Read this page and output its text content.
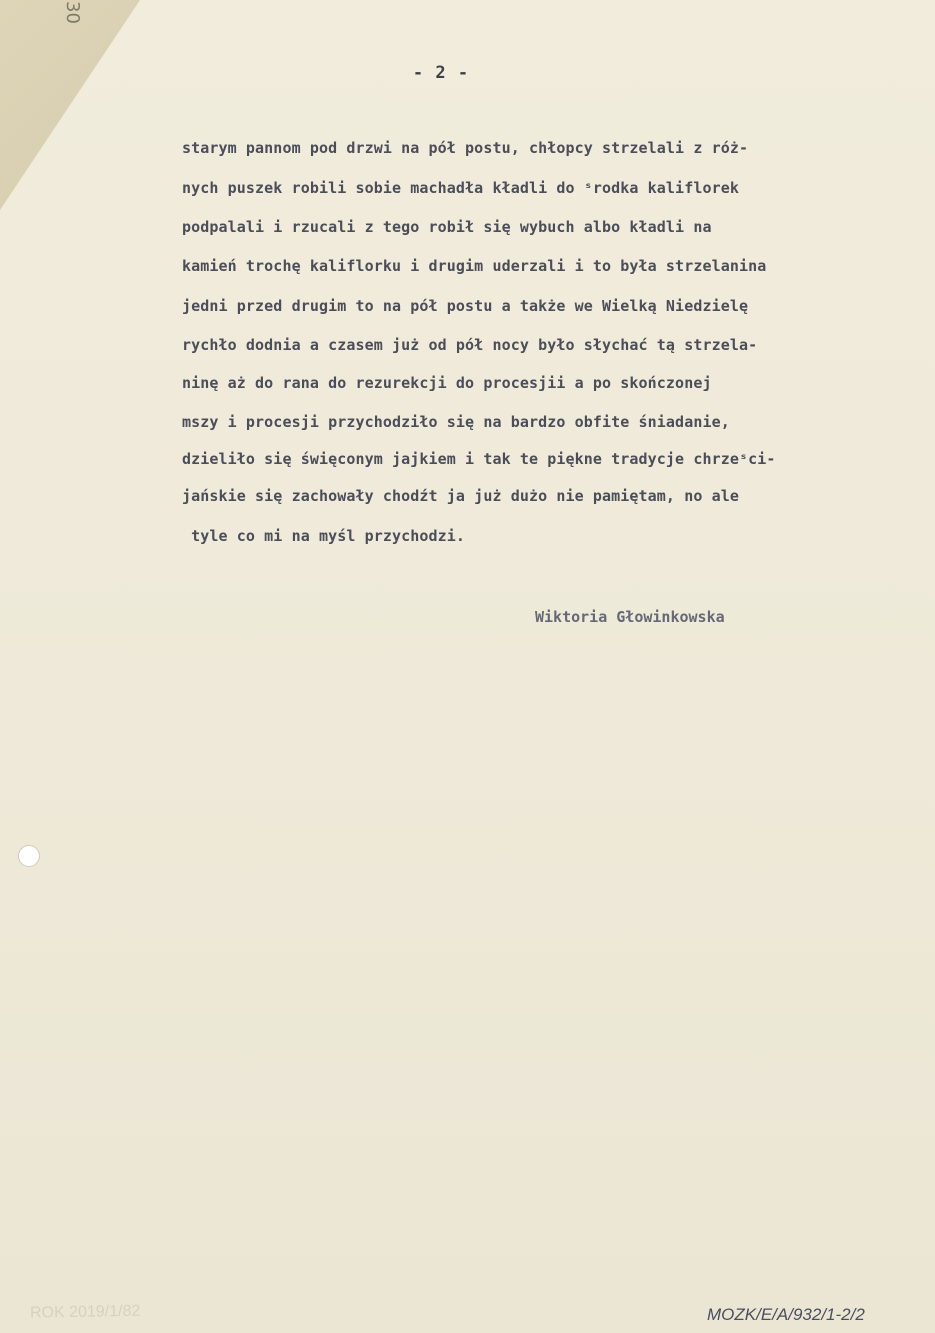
30
- 2 -
starym pannom pod drzwi na pół postu, chłopcy strzelali z róż-
nych puszek robili sobie machadła kładli do ˢrodka kaliflorek
podpalali i rzucali z tego robił się wybuch albo kładli na
kamień trochę kaliflorku i drugim uderzali i to była strzelanina
jedni przed drugim to na pół postu a także we Wielką Niedzielę
rychło dodnia a czasem już od pół nocy było słychać tą strzela-
ninę aż do rana do rezurekcji do procesjii a po skończonej
mszy i procesji przychodziło się na bardzo obfite śniadanie,
dzieliło się święconym jajkiem i tak te piękne tradycje chrzeˢci-
jańskie się zachowały chodźt ja już dużo nie pamiętam, no ale
tyle co mi na myśl przychodzi.
Wiktoria Głowinkowska
ROK 2019/1/82	MOZK/E/A/932/1-2/2
